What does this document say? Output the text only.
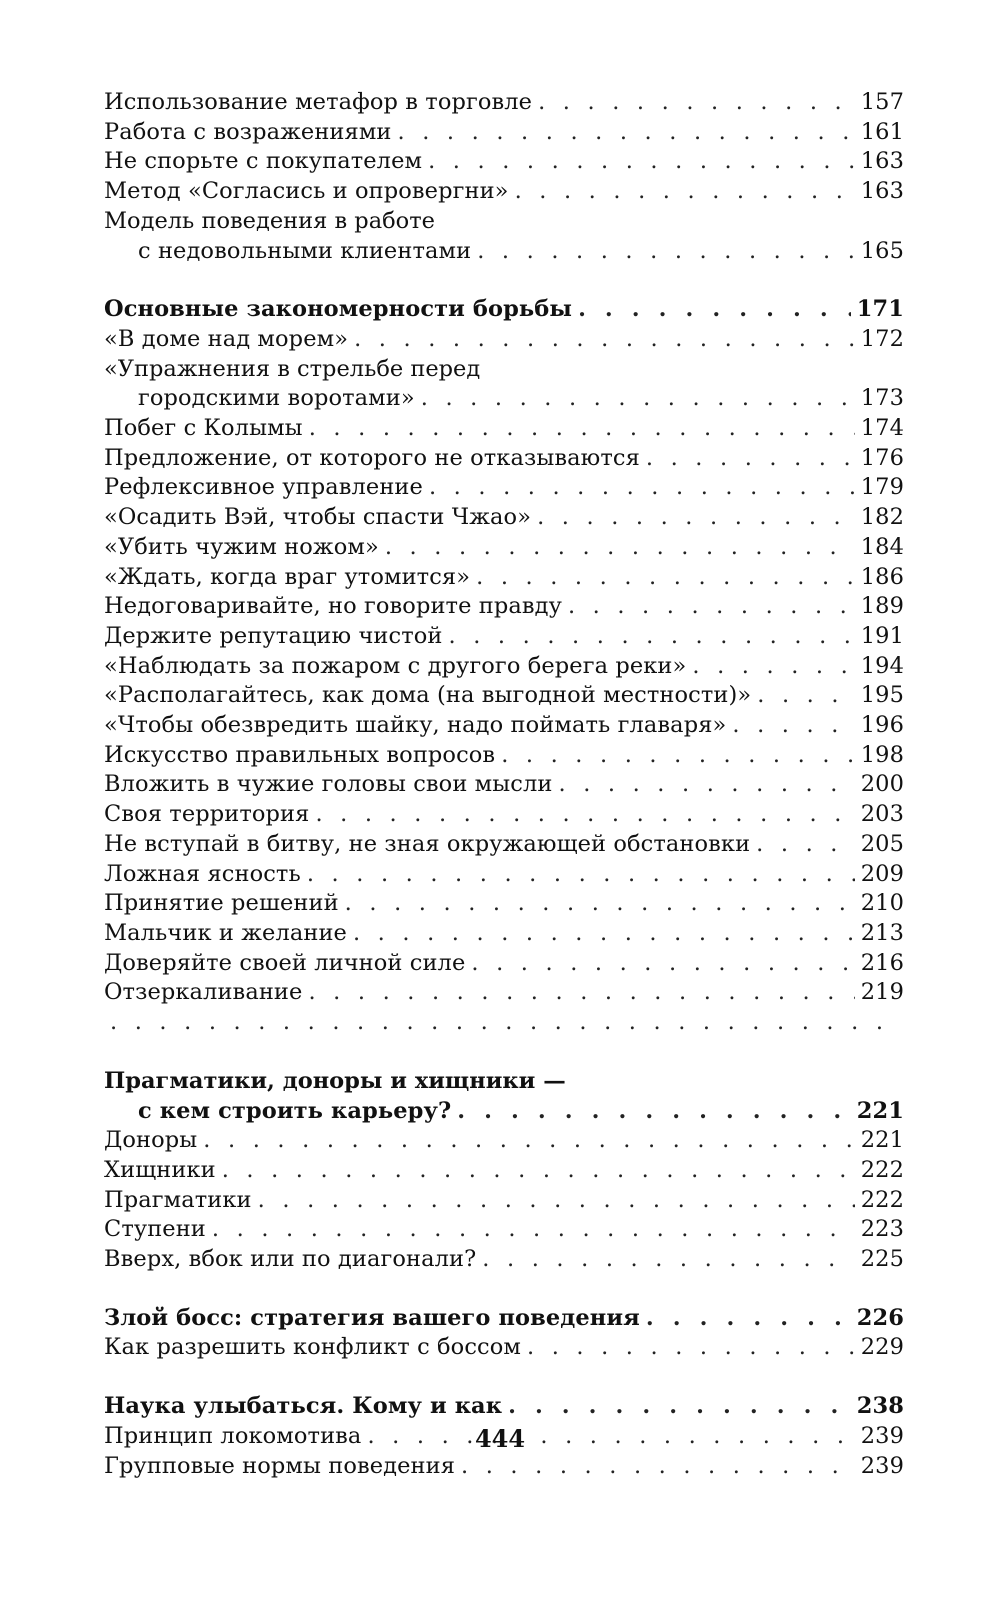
Использование метафор в торговле . . .	157
Работа с возражениями . . .	161
Не спорьте с покупателем . . .	163
Метод «Согласись и опровергни» . . .	163
Модель поведения в работе
с недовольными клиентами . . .	165
Основные закономерности борьбы . . .	171
«В доме над морем» . . .	172
«Упражнения в стрельбе перед
городскими воротами» . . .	173
Побег с Колымы . . .	174
Предложение, от которого не отказываются . . .	176
Рефлексивное управление . . .	179
«Осадить Вэй, чтобы спасти Чжао» . . .	182
«Убить чужим ножом» . . .	184
«Ждать, когда враг утомится» . . .	186
Недоговаривайте, но говорите правду . . .	189
Держите репутацию чистой . . .	191
«Наблюдать за пожаром с другого берега реки» . . .	194
«Располагайтесь, как дома (на выгодной местности)» . . .	195
«Чтобы обезвредить шайку, надо поймать главаря» . . .	196
Искусство правильных вопросов . . .	198
Вложить в чужие головы свои мысли . . .	200
Своя территория . . .	203
Не вступай в битву, не зная окружающей обстановки . . .	205
Ложная ясность . . .	209
Принятие решений . . .	210
Мальчик и желание . . .	213
Доверяйте своей личной силе . . .	216
Отзеркаливание . . .	219
. . .
Прагматики, доноры и хищники —
с кем строить карьеру? . . .	221
Доноры . . .	221
Хищники . . .	222
Прагматики . . .	222
Ступени . . .	223
Вверх, вбок или по диагонали? . . .	225
Злой босс: стратегия вашего поведения . . .	226
Как разрешить конфликт с боссом . . .	229
Наука улыбаться. Кому и как . . .	238
Принцип локомотива . . .	239
Групповые нормы поведения . . .	239
444
